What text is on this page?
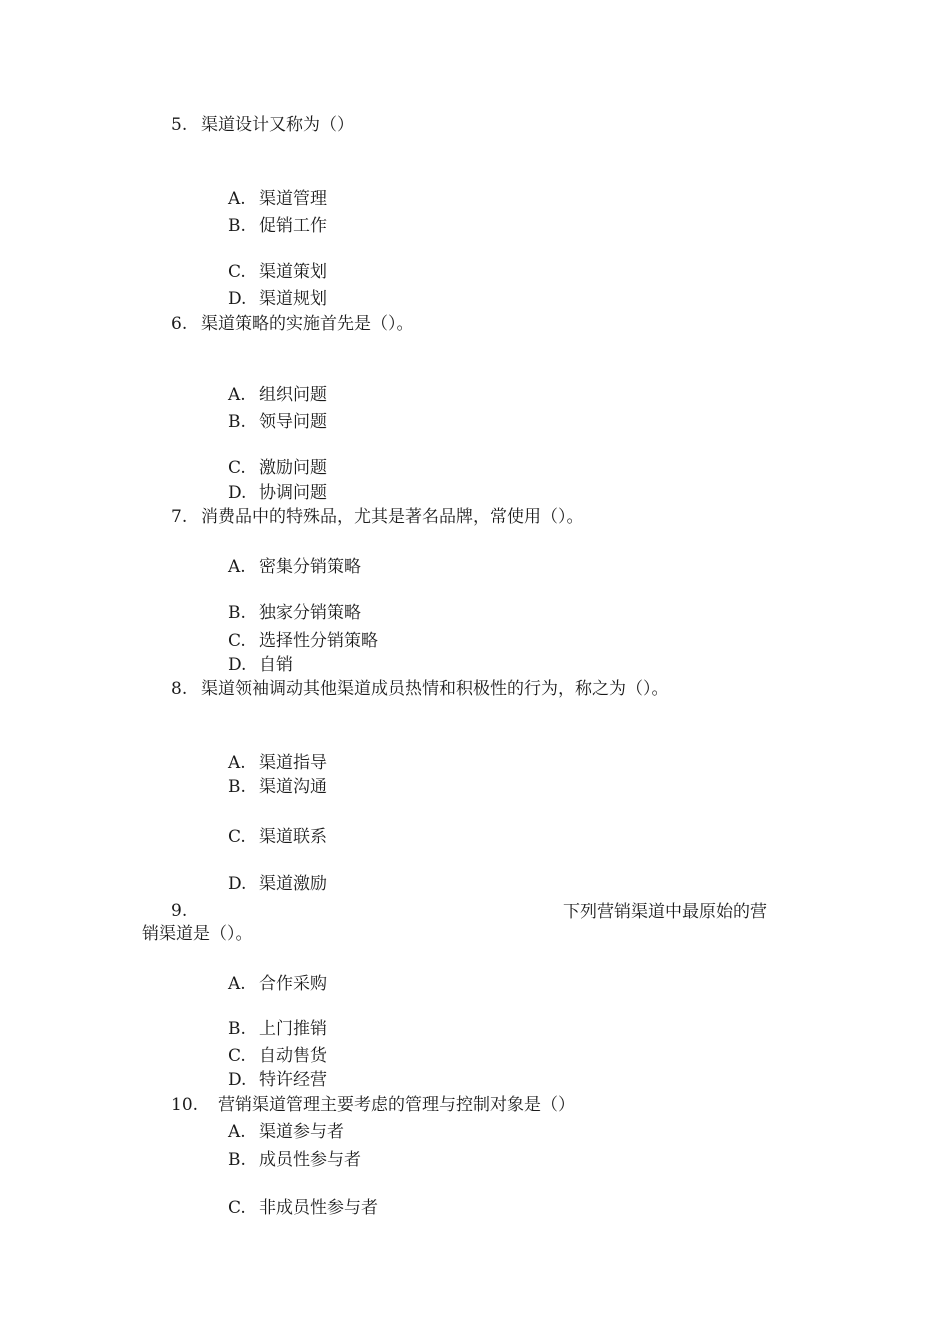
5. 渠道设计又称为（）
A. 渠道管理
B. 促销工作
C. 渠道策划
D. 渠道规划
6. 渠道策略的实施首先是（）。
A. 组织问题
B. 领导问题
C. 激励问题
D. 协调问题
7. 消费品中的特殊品，尤其是著名品牌，常使用（）。
A. 密集分销策略
B. 独家分销策略
C. 选择性分销策略
D. 自销
8. 渠道领袖调动其他渠道成员热情和积极性的行为，称之为（）。
A. 渠道指导
B. 渠道沟通
C. 渠道联系
D. 渠道激励
9.	下列营销渠道中最原始的营
销渠道是（）。
A. 合作采购
B. 上门推销
C. 自动售货
D. 特许经营
10. 营销渠道管理主要考虑的管理与控制对象是（）
A. 渠道参与者
B. 成员性参与者
C. 非成员性参与者
